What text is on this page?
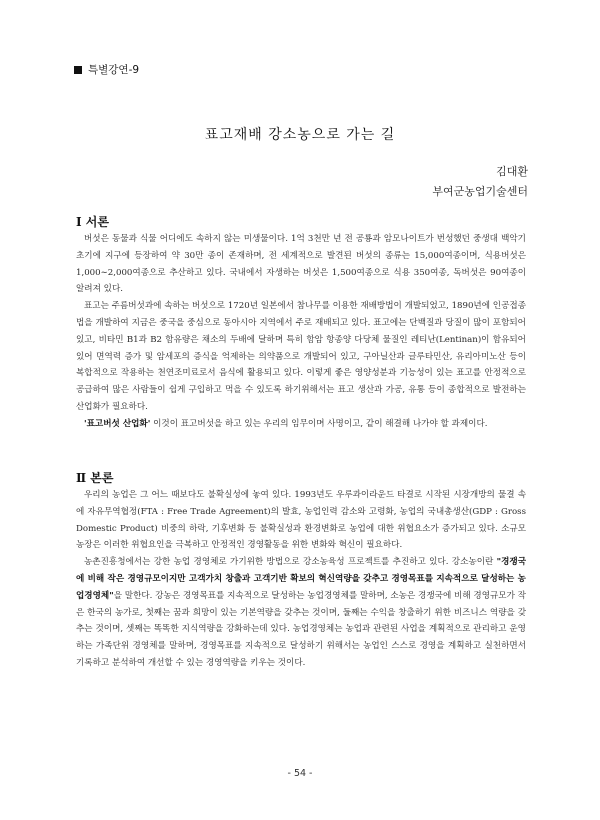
특별강연-9
표고재배 강소농으로 가는 길
김대환
부여군농업기술센터
Ⅰ 서론

버섯은 동물과 식물 어디에도 속하지 않는 미생물이다. 1억 3천만 년 전 공룡과 암모나이트가 번성했던 중생대 백악기 초기에 지구에 등장하여 약 30만 종이 존재하며, 전 세계적으로 발견된 버섯의 종류는 15,000여종이며, 식용버섯은 1,000∼2,000여종으로 추산하고 있다. 국내에서 자생하는 버섯은 1,500여종으로 식용 350여종, 독버섯은 90여종이 알려져 있다.

표고는 주름버섯과에 속하는 버섯으로 1720년 일본에서 참나무를 이용한 재배방법이 개발되었고, 1890년에 인공접종법을 개발하여 지금은 중국을 중심으로 동아시아 지역에서 주로 재배되고 있다. 표고에는 단백질과 당질이 많이 포함되어 있고, 비타민 B1과 B2 함유량은 채소의 두배에 달하며 특히 함암 항종양 다당체 물질인 레티난(Lentinan)이 함유되어 있어 면역력 증가 및 암세포의 증식을 억제하는 의약품으로 개발되어 있고, 구아닐산과 글루타민산, 유리아미노산 등이 복합적으로 작용하는 천연조미료로서 음식에 활용되고 있다. 이렇게 좋은 영양성분과 기능성이 있는 표고를 안정적으로 공급하여 많은 사람들이 쉽게 구입하고 먹을 수 있도록 하기위해서는 표고 생산과 가공, 유통 등이 종합적으로 발전하는 산업화가 필요하다.

'표고버섯 산업화' 이것이 표고버섯을 하고 있는 우리의 임무이며 사명이고, 같이 해결해 나가야 할 과제이다.

Ⅱ 본론

우리의 농업은 그 어느 때보다도 불확실성에 놓여 있다. 1993년도 우루과이라운드 타결로 시작된 시장개방의 물결 속에 자유무역협정(FTA : Free Trade Agreement)의 발효, 농업인력 감소와 고령화, 농업의 국내총생산(GDP : Gross Domestic Product) 비중의 하락, 기후변화 등 불확실성과 환경변화로 농업에 대한 위협요소가 증가되고 있다. 소규모 농장은 이러한 위협요인을 극복하고 안정적인 경영활동을 위한 변화와 혁신이 필요하다.

농촌진흥청에서는 강한 농업 경영체로 가기위한 방법으로 강소농육성 프로젝트를 추진하고 있다. 강소농이란 "경쟁국에 비해 작은 경영규모이지만 고객가치 창출과 고객기반 확보의 혁신역량을 갖추고 경영목표를 지속적으로 달성하는 농업경영체"을 말한다. 강농은 경영목표를 지속적으로 달성하는 농업경영체를 말하며, 소농은 경쟁국에 비해 경영규모가 작은 한국의 농가로, 첫째는 꿈과 희망이 있는 기본역량을 갖추는 것이며, 둘째는 수익을 창출하기 위한 비즈니스 역량을 갖추는 것이며, 셋째는 똑똑한 지식역량을 강화하는데 있다. 농업경영체는 농업과 관련된 사업을 계획적으로 관리하고 운영하는 가족단위 경영체를 말하며, 경영목표를 지속적으로 달성하기 위해서는 농업인 스스로 경영을 계획하고 실천하면서 기록하고 분석하여 개선할 수 있는 경영역량을 키우는 것이다.

- 54 -
